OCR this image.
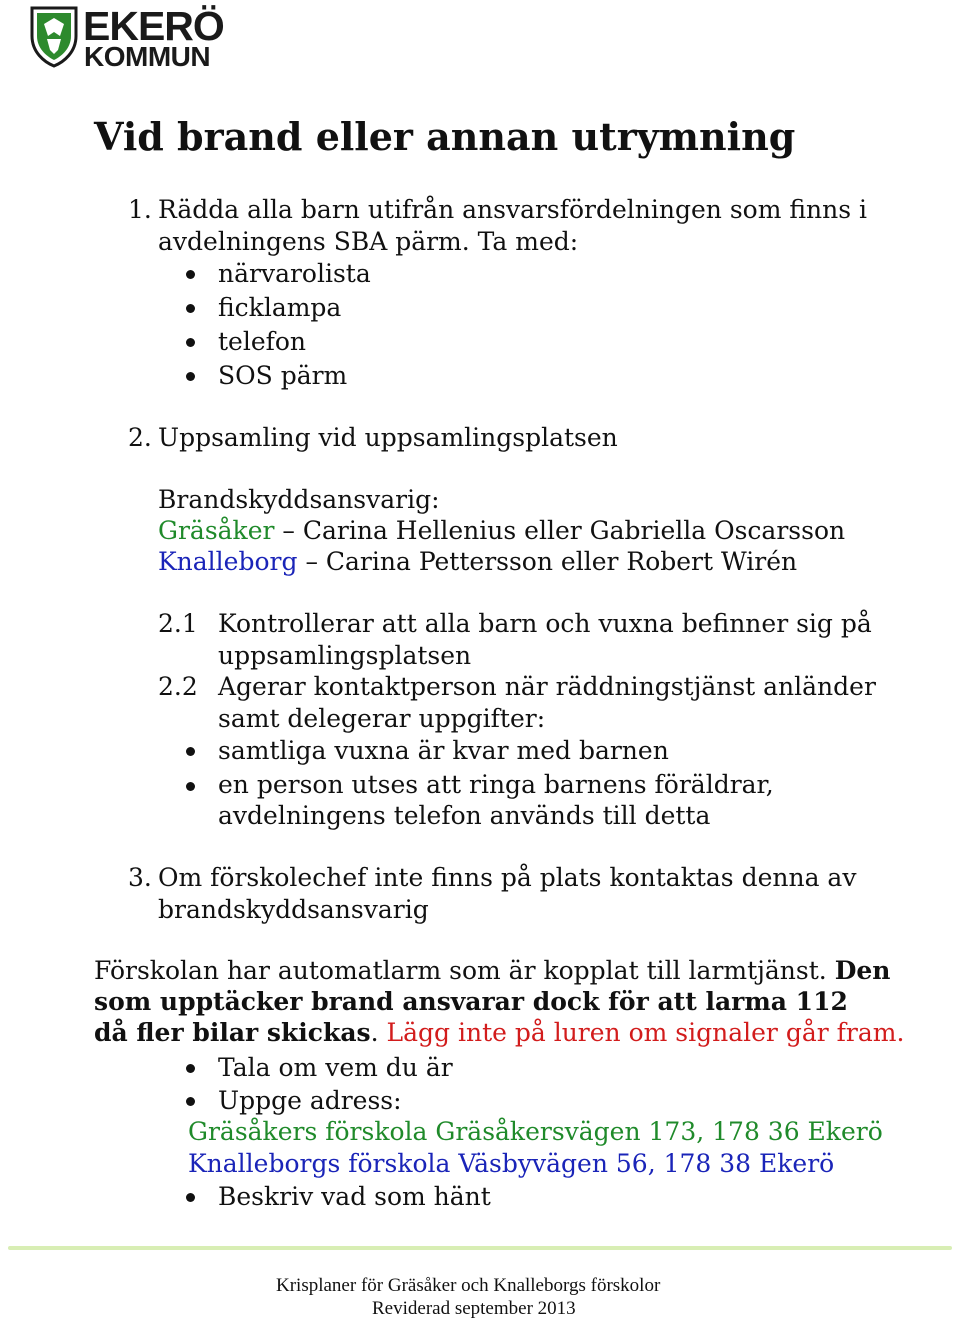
EKERÖ
KOMMUN
Vid brand eller annan utrymning
1. Rädda alla barn utifrån ansvarsfördelningen som finns i
avdelningens SBA pärm. Ta med:
närvarolista
ficklampa
telefon
SOS pärm
2. Uppsamling vid uppsamlingsplatsen
Brandskyddsansvarig:
Gräsåker – Carina Hellenius eller Gabriella Oscarsson
Knalleborg – Carina Pettersson eller Robert Wirén
2.1 Kontrollerar att alla barn och vuxna befinner sig på
uppsamlingsplatsen
2.2 Agerar kontaktperson när räddningstjänst anländer
samt delegerar uppgifter:
samtliga vuxna är kvar med barnen
en person utses att ringa barnens föräldrar,
avdelningens telefon används till detta
3. Om förskolechef inte finns på plats kontaktas denna av
brandskyddsansvarig
Förskolan har automatlarm som är kopplat till larmtjänst. Den
som upptäcker brand ansvarar dock för att larma 112
då fler bilar skickas. Lägg inte på luren om signaler går fram.
Tala om vem du är
Uppge adress:
Gräsåkers förskola Gräsåkersvägen 173, 178 36 Ekerö
Knalleborgs förskola Väsbyvägen 56, 178 38 Ekerö
Beskriv vad som hänt
Krisplaner för Gräsåker och Knalleborgs förskolor
Reviderad september 2013
